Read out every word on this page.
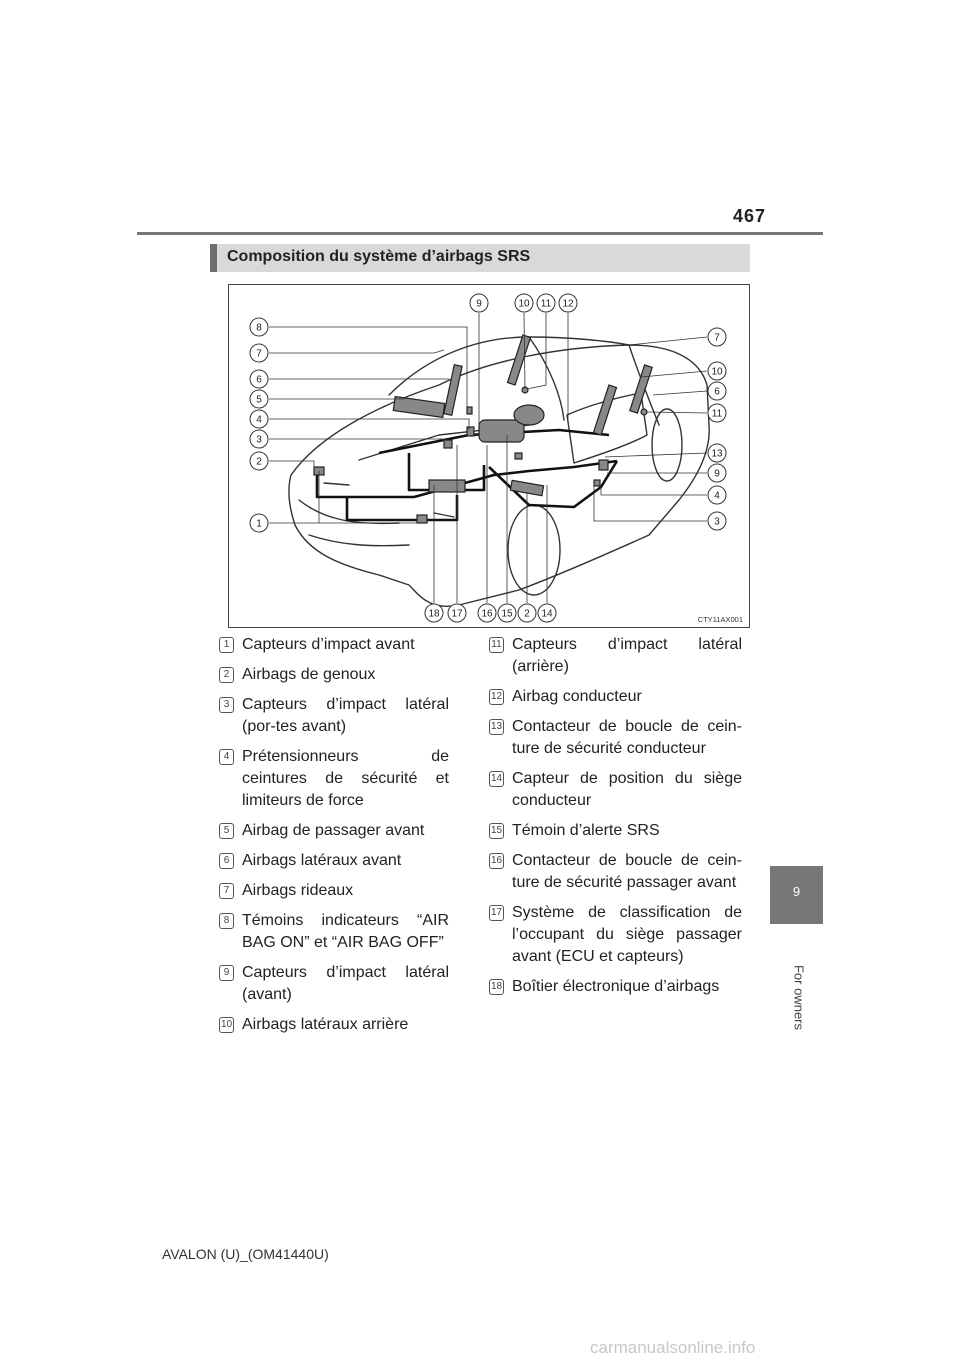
467
Composition du système d’airbags SRS
8
7
6
5
4
3
2
1
9	10 11 12
7
10
6
11
13
9
4
3
18 17 16 15 2 14	CTY11AX001
1 Capteurs d’impact avant
2 Airbags de genoux
3 Capteurs d’impact latéral (por-tes avant)
4 Prétensionneurs de ceintures de sécurité et limiteurs de force
5 Airbag de passager avant
6 Airbags latéraux avant
7 Airbags rideaux
8 Témoins indicateurs “AIR BAG ON” et “AIR BAG OFF”
9 Capteurs d’impact latéral (avant)
10 Airbags latéraux arrière
11 Capteurs d’impact latéral (arrière)
12 Airbag conducteur
13 Contacteur de boucle de cein-ture de sécurité conducteur
14 Capteur de position du siège conducteur
15 Témoin d’alerte SRS
16 Contacteur de boucle de cein-ture de sécurité passager avant
17 Système de classification de l’occupant du siège passager avant (ECU et capteurs)
18 Boîtier électronique d’airbags
9
For owners
AVALON (U)_(OM41440U)
carmanualsonline.info
